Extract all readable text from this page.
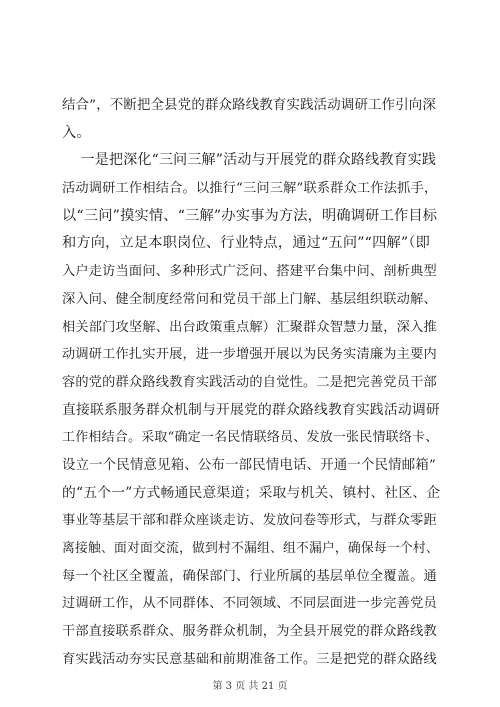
结合”，不断把全县党的群众路线教育实践活动调研工作引向深
入。
一是把深化“三问三解”活动与开展党的群众路线教育实践
活动调研工作相结合。以推行“三问三解”联系群众工作法抓手，
以“三问”摸实情、“三解”办实事为方法，明确调研工作目标
和方向，立足本职岗位、行业特点，通过“五问”“四解”（即
入户走访当面问、多种形式广泛问、搭建平台集中问、剖析典型
深入问、健全制度经常问和党员干部上门解、基层组织联动解、
相关部门攻坚解、出台政策重点解）汇聚群众智慧力量，深入推
动调研工作扎实开展，进一步增强开展以为民务实清廉为主要内
容的党的群众路线教育实践活动的自觉性。二是把完善党员干部
直接联系服务群众机制与开展党的群众路线教育实践活动调研
工作相结合。采取“确定一名民情联络员、发放一张民情联络卡、
设立一个民情意见箱、公布一部民情电话、开通一个民情邮箱”
的“五个一”方式畅通民意渠道；采取与机关、镇村、社区、企
事业等基层干部和群众座谈走访、发放问卷等形式，与群众零距
离接触、面对面交流，做到村不漏组、组不漏户，确保每一个村、
每一个社区全覆盖，确保部门、行业所属的基层单位全覆盖。通
过调研工作，从不同群体、不同领域、不同层面进一步完善党员
干部直接联系群众、服务群众机制，为全县开展党的群众路线教
育实践活动夯实民意基础和前期准备工作。三是把党的群众路线
第 3 页 共 21 页
